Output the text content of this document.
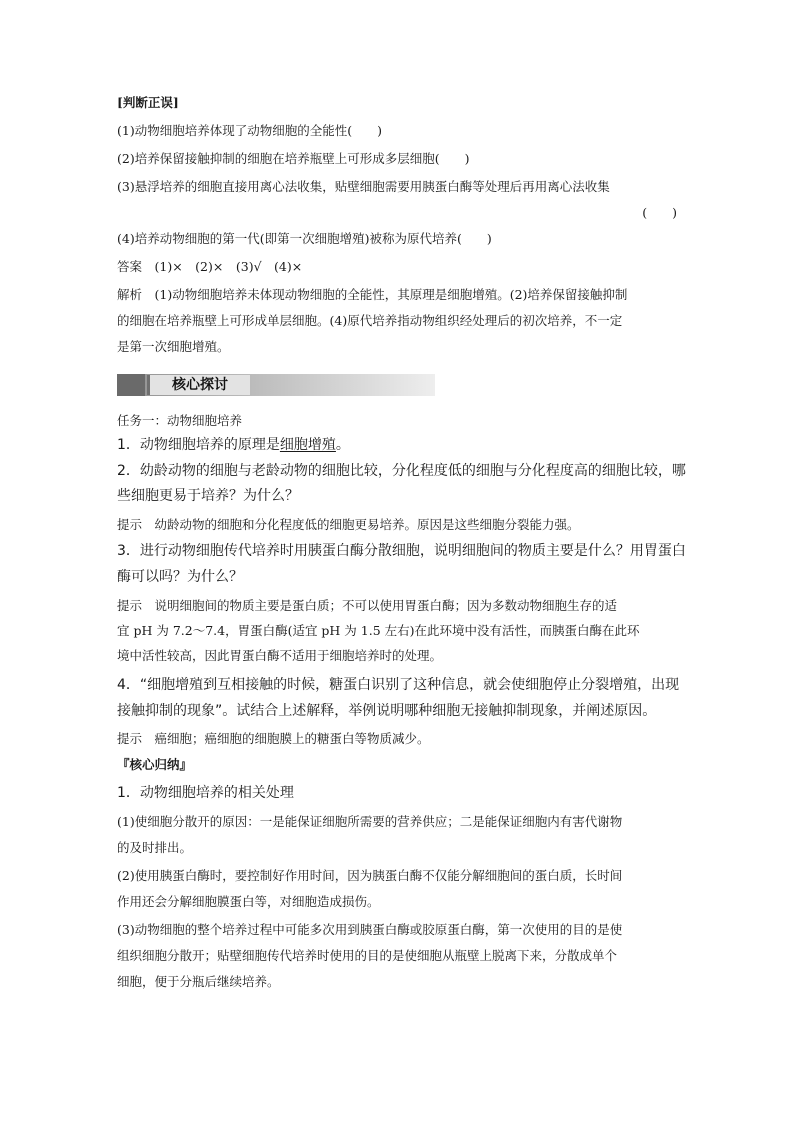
[判断正误]
(1)动物细胞培养体现了动物细胞的全能性(　　)
(2)培养保留接触抑制的细胞在培养瓶壁上可形成多层细胞(　　)
(3)悬浮培养的细胞直接用离心法收集，贴壁细胞需要用胰蛋白酶等处理后再用离心法收集
(　　)
(4)培养动物细胞的第一代(即第一次细胞增殖)被称为原代培养(　　)
答案　(1)×　(2)×　(3)√　(4)×
解析　(1)动物细胞培养未体现动物细胞的全能性，其原理是细胞增殖。(2)培养保留接触抑制
的细胞在培养瓶壁上可形成单层细胞。(4)原代培养指动物组织经处理后的初次培养，不一定
是第一次细胞增殖。
核心探讨
任务一：动物细胞培养
1．动物细胞培养的原理是细胞增殖。
2．幼龄动物的细胞与老龄动物的细胞比较，分化程度低的细胞与分化程度高的细胞比较，哪
些细胞更易于培养？为什么？
提示　幼龄动物的细胞和分化程度低的细胞更易培养。原因是这些细胞分裂能力强。
3．进行动物细胞传代培养时用胰蛋白酶分散细胞，说明细胞间的物质主要是什么？用胃蛋白
酶可以吗？为什么？
提示　说明细胞间的物质主要是蛋白质；不可以使用胃蛋白酶；因为多数动物细胞生存的适
宜 pH 为 7.2～7.4，胃蛋白酶(适宜 pH 为 1.5 左右)在此环境中没有活性，而胰蛋白酶在此环
境中活性较高，因此胃蛋白酶不适用于细胞培养时的处理。
4．“细胞增殖到互相接触的时候，糖蛋白识别了这种信息，就会使细胞停止分裂增殖，出现
接触抑制的现象”。试结合上述解释，举例说明哪种细胞无接触抑制现象，并阐述原因。
提示　癌细胞；癌细胞的细胞膜上的糖蛋白等物质减少。
『核心归纳』
1．动物细胞培养的相关处理
(1)使细胞分散开的原因：一是能保证细胞所需要的营养供应；二是能保证细胞内有害代谢物
的及时排出。
(2)使用胰蛋白酶时，要控制好作用时间，因为胰蛋白酶不仅能分解细胞间的蛋白质，长时间
作用还会分解细胞膜蛋白等，对细胞造成损伤。
(3)动物细胞的整个培养过程中可能多次用到胰蛋白酶或胶原蛋白酶，第一次使用的目的是使
组织细胞分散开；贴壁细胞传代培养时使用的目的是使细胞从瓶壁上脱离下来，分散成单个
细胞，便于分瓶后继续培养。
